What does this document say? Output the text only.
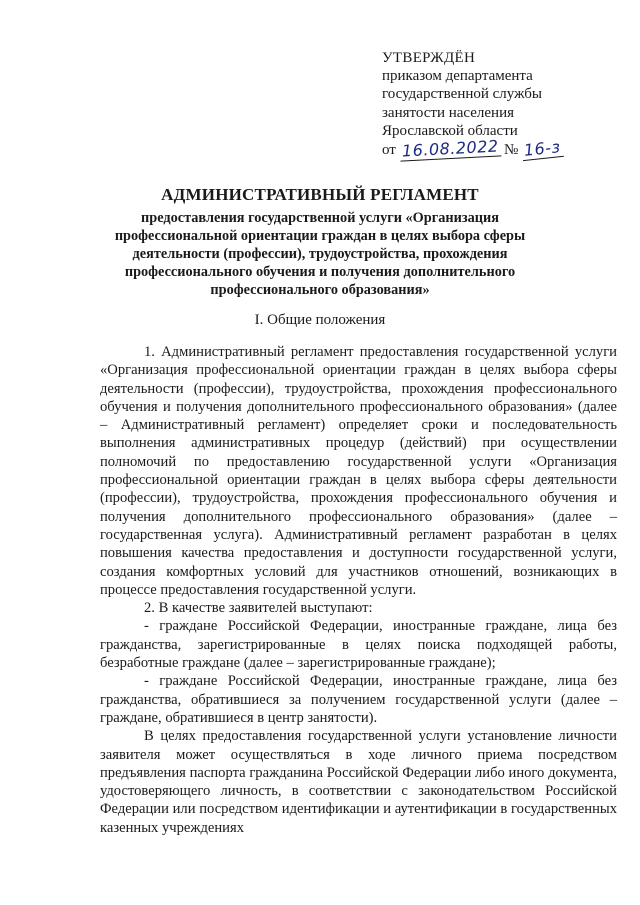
УТВЕРЖДЁН
приказом департамента
государственной службы
занятости населения
Ярославской области
от 16.08.2022 № 16-з
АДМИНИСТРАТИВНЫЙ РЕГЛАМЕНТ
предоставления государственной услуги «Организация
профессиональной ориентации граждан в целях выбора сферы
деятельности (профессии), трудоустройства, прохождения
профессионального обучения и получения дополнительного
профессионального образования»
I. Общие положения

1. Административный регламент предоставления государственной услуги «Организация профессиональной ориентации граждан в целях выбора сферы деятельности (профессии), трудоустройства, прохождения профессионального обучения и получения дополнительного профессионального образования» (далее – Административный регламент) определяет сроки и последовательность выполнения административных процедур (действий) при осуществлении полномочий по предоставлению государственной услуги «Организация профессиональной ориентации граждан в целях выбора сферы деятельности (профессии), трудоустройства, прохождения профессионального обучения и получения дополнительного профессионального образования» (далее – государственная услуга). Административный регламент разработан в целях повышения качества предоставления и доступности государственной услуги, создания комфортных условий для участников отношений, возникающих в процессе предоставления государственной услуги.

2. В качестве заявителей выступают:

- граждане Российской Федерации, иностранные граждане, лица без гражданства, зарегистрированные в целях поиска подходящей работы, безработные граждане (далее – зарегистрированные граждане);

- граждане Российской Федерации, иностранные граждане, лица без гражданства, обратившиеся за получением государственной услуги (далее – граждане, обратившиеся в центр занятости).

В целях предоставления государственной услуги установление личности заявителя может осуществляться в ходе личного приема посредством предъявления паспорта гражданина Российской Федерации либо иного документа, удостоверяющего личность, в соответствии с законодательством Российской Федерации или посредством идентификации и аутентификации в государственных казенных учреждениях
